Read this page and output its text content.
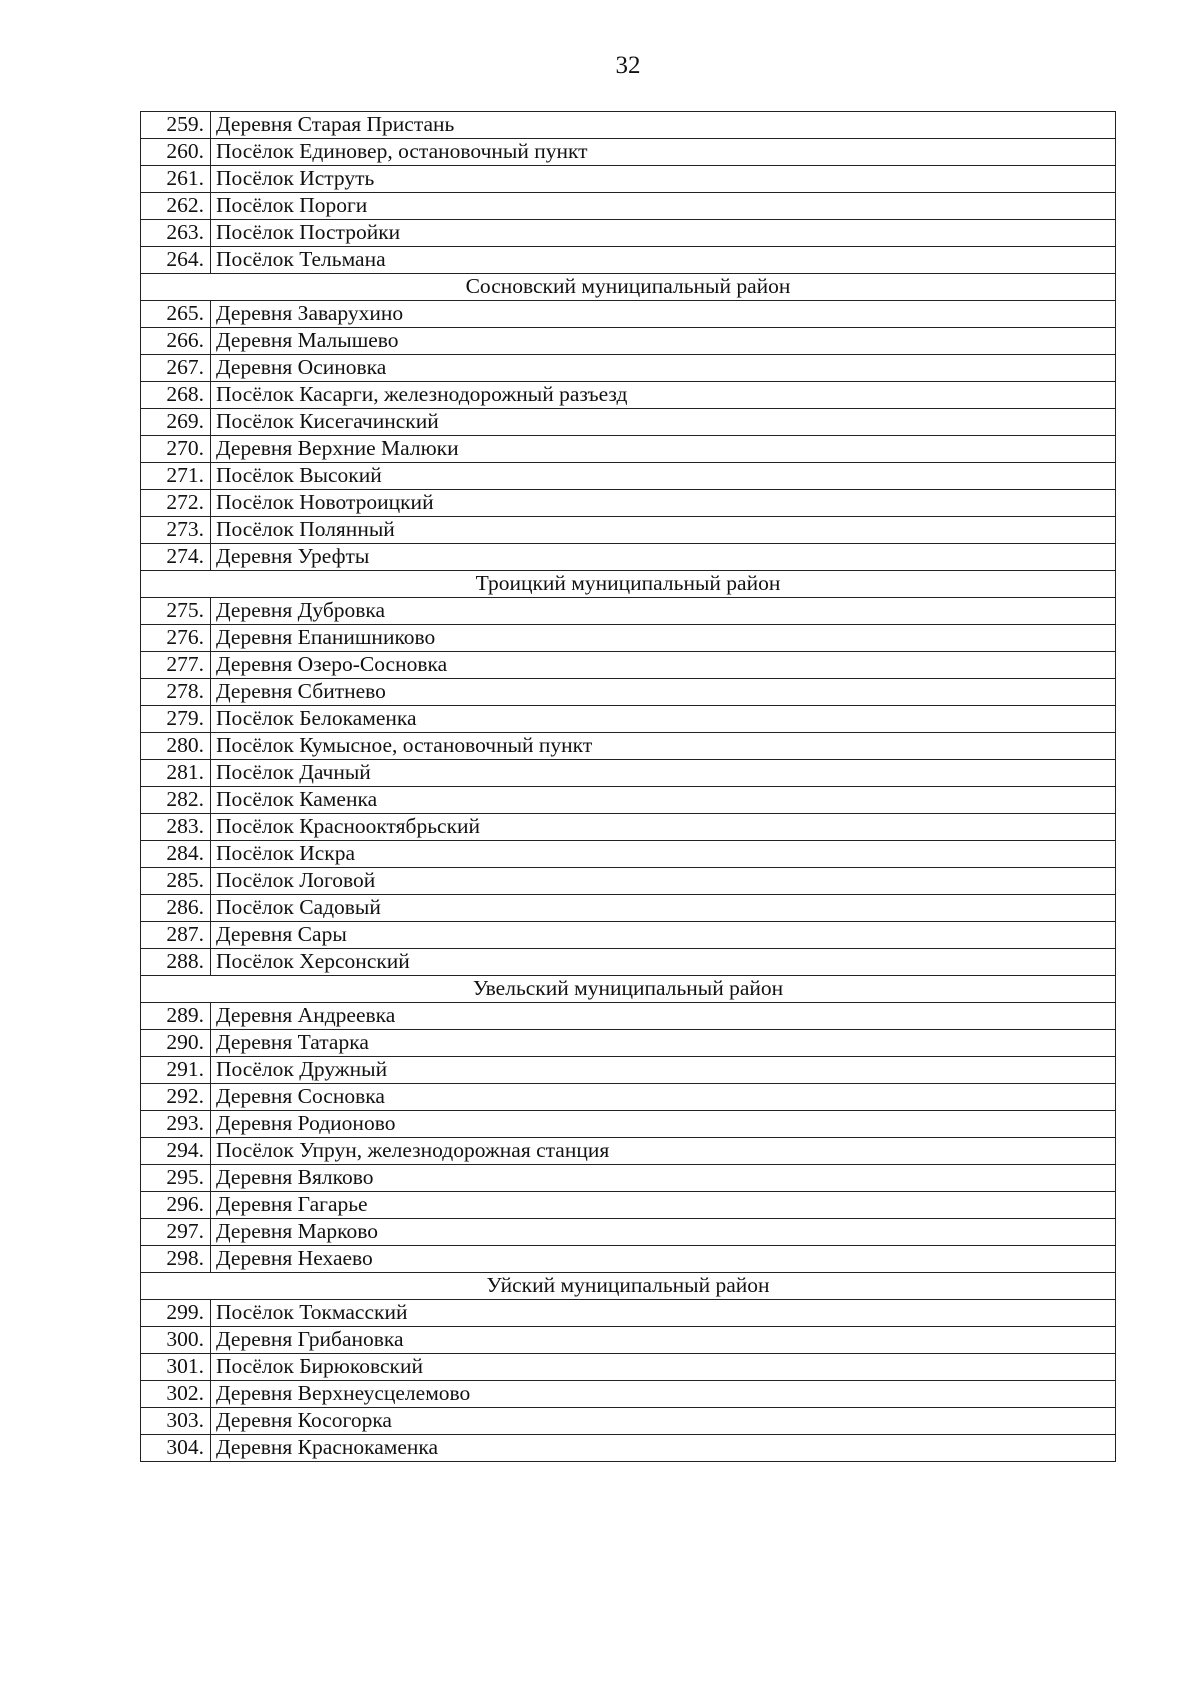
32
259.	Деревня Старая Пристань
260.	Посёлок Единовер, остановочный пункт
261.	Посёлок Иструть
262.	Посёлок Пороги
263.	Посёлок Постройки
264.	Посёлок Тельмана
Сосновский муниципальный район	
265.	Деревня Заварухино
266.	Деревня Малышево
267.	Деревня Осиновка
268.	Посёлок Касарги, железнодорожный разъезд
269.	Посёлок Кисегачинский
270.	Деревня Верхние Малюки
271.	Посёлок Высокий
272.	Посёлок Новотроицкий
273.	Посёлок Полянный
274.	Деревня Урефты
Троицкий муниципальный район	
275.	Деревня Дубровка
276.	Деревня Епанишниково
277.	Деревня Озеро-Сосновка
278.	Деревня Сбитнево
279.	Посёлок Белокаменка
280.	Посёлок Кумысное, остановочный пункт
281.	Посёлок Дачный
282.	Посёлок Каменка
283.	Посёлок Краснооктябрьский
284.	Посёлок Искра
285.	Посёлок Логовой
286.	Посёлок Садовый
287.	Деревня Сары
288.	Посёлок Херсонский
Увельский муниципальный район	
289.	Деревня Андреевка
290.	Деревня Татарка
291.	Посёлок Дружный
292.	Деревня Сосновка
293.	Деревня Родионово
294.	Посёлок Упрун, железнодорожная станция
295.	Деревня Вялково
296.	Деревня Гагарье
297.	Деревня Марково
298.	Деревня Нехаево
Уйский муниципальный район	
299.	Посёлок Токмасский
300.	Деревня Грибановка
301.	Посёлок Бирюковский
302.	Деревня Верхнеусцелемово
303.	Деревня Косогорка
304.	Деревня Краснокаменка
